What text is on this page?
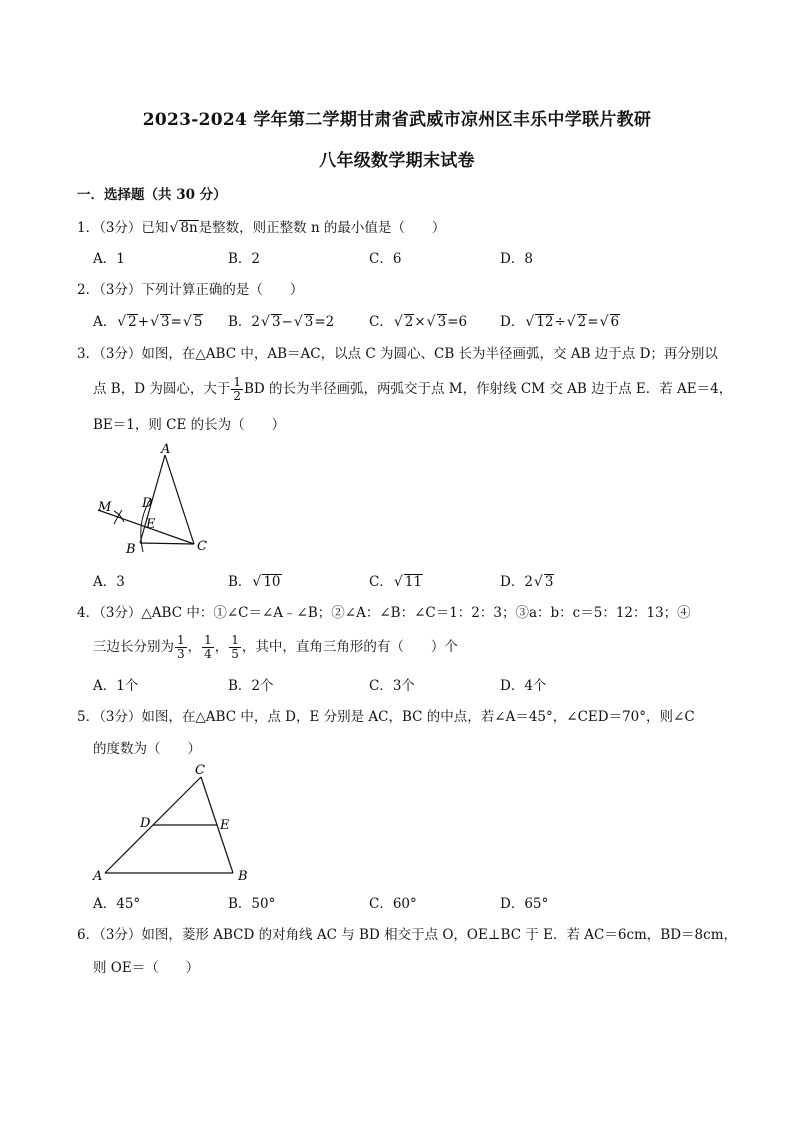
2023-2024 学年第二学期甘肃省武威市凉州区丰乐中学联片教研
八年级数学期末试卷
一．选择题（共 30 分）
1．（3分）已知√ 8n是整数，则正整数 n 的最小值是（　　）
A．1	B．2	C．6	D．8
2．（3分）下列计算正确的是（　　）
A．√ 2+√ 3=√ 5 B．2√ 3−√ 3=2	C．√ 2×√ 3=6 D．√ 12÷√ 2=√ 6
3．（3分）如图，在△ABC 中，AB＝AC，以点 C 为圆心、CB 长为半径画弧，交 AB 边于点 D；再分别以
点 B，D 为圆心，大于 $\frac{1}{2}$ BD 的长为半径画弧，两弧交于点 M，作射线 CM 交 AB 边于点 E．若 AE＝4，
BE＝1，则 CE 的长为（　　）
A
B	C
D
E
M
A．3	B．√ 10	C．√ 11	D．2√ 3
4．（3分）△ABC 中：①∠C＝∠A﹣∠B；②∠A：∠B：∠C＝1：2：3；③a：b：c＝5：12：13；④
三边长分别为 $\frac{1}{3}$ ， $\frac{1}{4}$ ， $\frac{1}{5}$ ，其中，直角三角形的有（　　）个
A．1个	B．2个	C．3个	D．4个
5．（3分）如图，在△ABC 中，点 D，E 分别是 AC，BC 的中点，若∠A＝45°，∠CED＝70°，则∠C
的度数为（　　）
C
D	E
A	B
A．45°	B．50°	C．60°	D．65°
6．（3分）如图，菱形 ABCD 的对角线 AC 与 BD 相交于点 O，OE⊥BC 于 E．若 AC＝6cm，BD＝8cm，
则 OE＝（　　）
